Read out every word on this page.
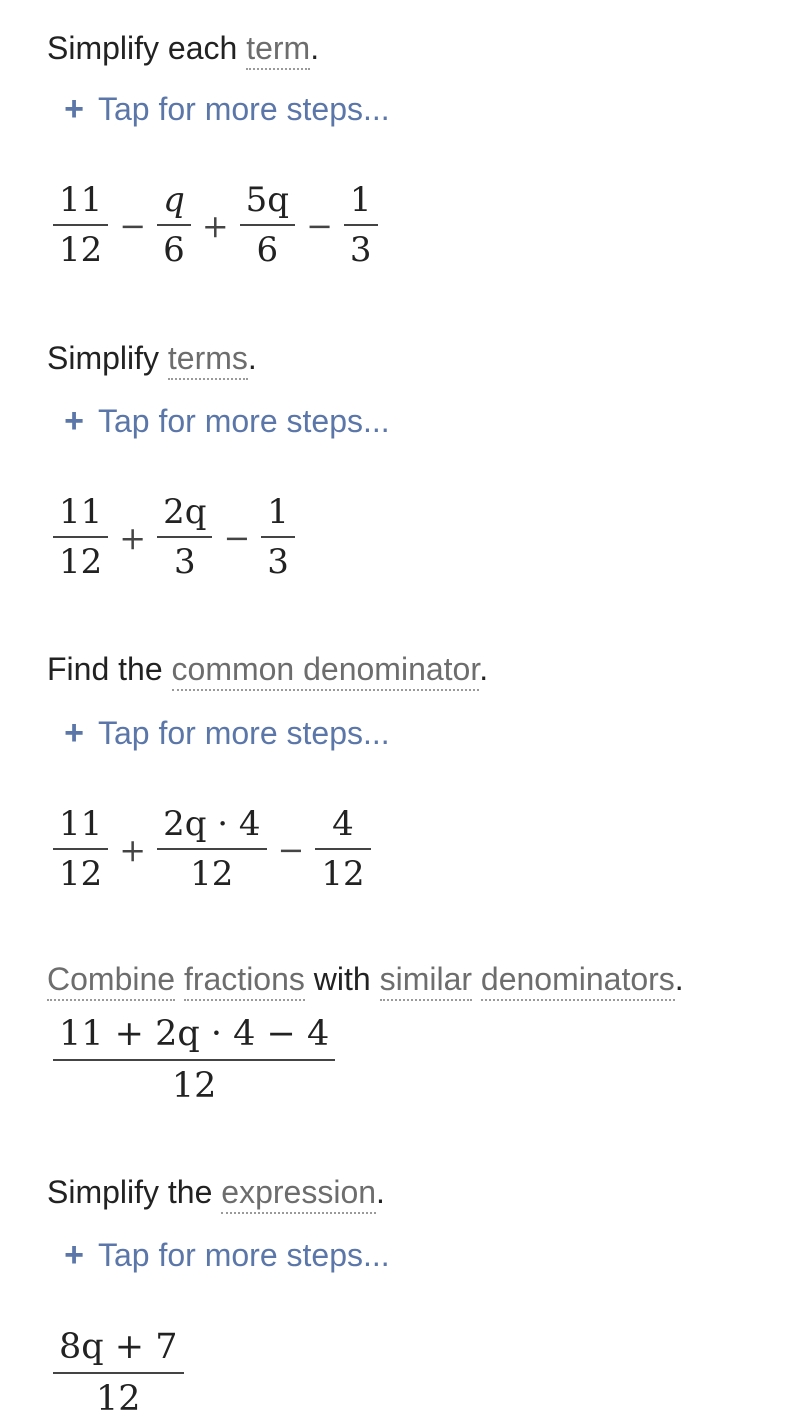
Simplify each term.
+ Tap for more steps...
$\frac{11}{12} - \frac{q}{6} + \frac{5q}{6} - \frac{1}{3}$
Simplify terms.
+ Tap for more steps...
$\frac{11}{12} + \frac{2q}{3} - \frac{1}{3}$
Find the common denominator.
+ Tap for more steps...
$\frac{11}{12} + \frac{2q \cdot 4}{12} - \frac{4}{12}$
Combine fractions with similar denominators.
$\frac{11 + 2q \cdot 4 - 4}{12}$
Simplify the expression.
+ Tap for more steps...
$\frac{8q + 7}{12}$
